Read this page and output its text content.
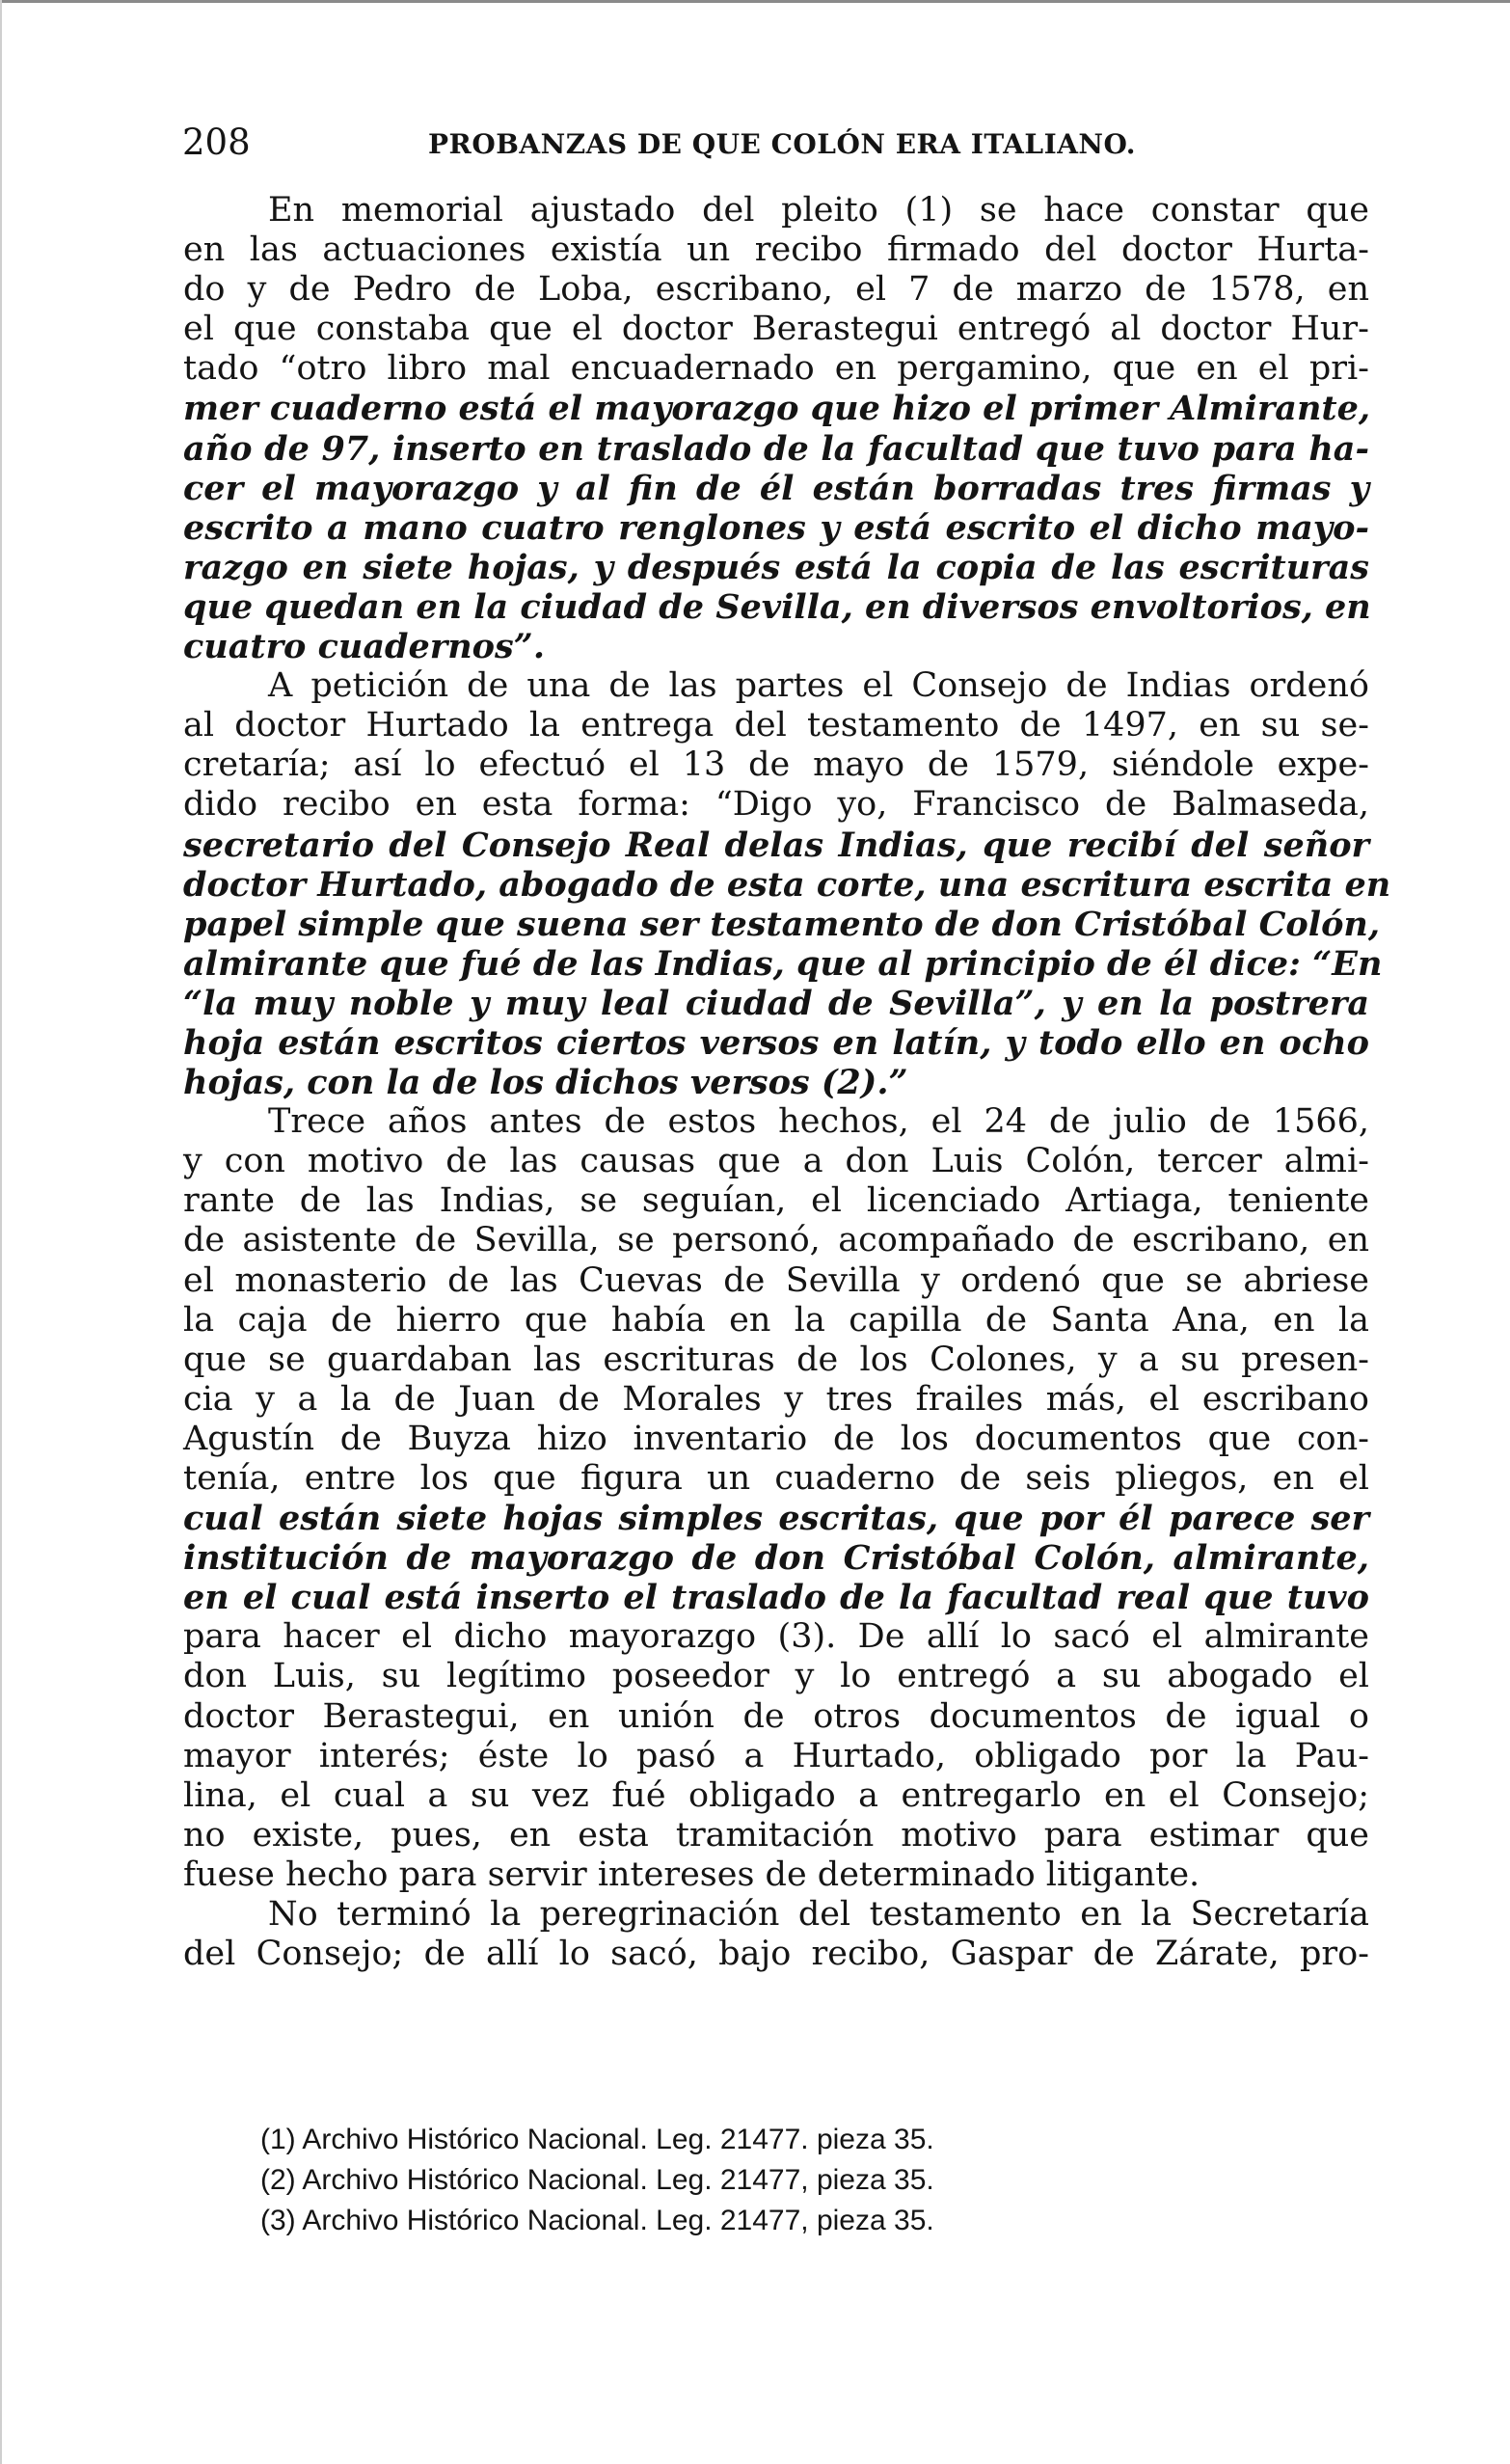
208	PROBANZAS DE QUE COLÓN ERA ITALIANO.
En memorial ajustado del pleito (1) se hace constar que
en las actuaciones existía un recibo firmado del doctor Hurta-
do y de Pedro de Loba, escribano, el 7 de marzo de 1578, en
el que constaba que el doctor Berastegui entregó al doctor Hur-
tado “otro libro mal encuadernado en pergamino, que en el pri-
mer cuaderno está el mayorazgo que hizo el primer Almirante,
año de 97, inserto en traslado de la facultad que tuvo para ha-
cer el mayorazgo y al fin de él están borradas tres firmas y
escrito a mano cuatro renglones y está escrito el dicho mayo-
razgo en siete hojas, y después está la copia de las escrituras
que quedan en la ciudad de Sevilla, en diversos envoltorios, en
cuatro cuadernos”.
A petición de una de las partes el Consejo de Indias ordenó
al doctor Hurtado la entrega del testamento de 1497, en su se-
cretaría; así lo efectuó el 13 de mayo de 1579, siéndole expe-
dido recibo en esta forma: “Digo yo, Francisco de Balmaseda,
secretario del Consejo Real delas Indias, que recibí del señor
doctor Hurtado, abogado de esta corte, una escritura escrita en
papel simple que suena ser testamento de don Cristóbal Colón,
almirante que fué de las Indias, que al principio de él dice: “En
“la muy noble y muy leal ciudad de Sevilla”, y en la postrera
hoja están escritos ciertos versos en latín, y todo ello en ocho
hojas, con la de los dichos versos (2).”
Trece años antes de estos hechos, el 24 de julio de 1566,
y con motivo de las causas que a don Luis Colón, tercer almi-
rante de las Indias, se seguían, el licenciado Artiaga, teniente
de asistente de Sevilla, se personó, acompañado de escribano, en
el monasterio de las Cuevas de Sevilla y ordenó que se abriese
la caja de hierro que había en la capilla de Santa Ana, en la
que se guardaban las escrituras de los Colones, y a su presen-
cia y a la de Juan de Morales y tres frailes más, el escribano
Agustín de Buyza hizo inventario de los documentos que con-
tenía, entre los que figura un cuaderno de seis pliegos, en el
cual están siete hojas simples escritas, que por él parece ser
institución de mayorazgo de don Cristóbal Colón, almirante,
en el cual está inserto el traslado de la facultad real que tuvo
para hacer el dicho mayorazgo (3). De allí lo sacó el almirante
don Luis, su legítimo poseedor y lo entregó a su abogado el
doctor Berastegui, en unión de otros documentos de igual o
mayor interés; éste lo pasó a Hurtado, obligado por la Pau-
lina, el cual a su vez fué obligado a entregarlo en el Consejo;
no existe, pues, en esta tramitación motivo para estimar que
fuese hecho para servir intereses de determinado litigante.
No terminó la peregrinación del testamento en la Secretaría
del Consejo; de allí lo sacó, bajo recibo, Gaspar de Zárate, pro-
(1) Archivo Histórico Nacional. Leg. 21477. pieza 35.
(2) Archivo Histórico Nacional. Leg. 21477, pieza 35.
(3) Archivo Histórico Nacional. Leg. 21477, pieza 35.
